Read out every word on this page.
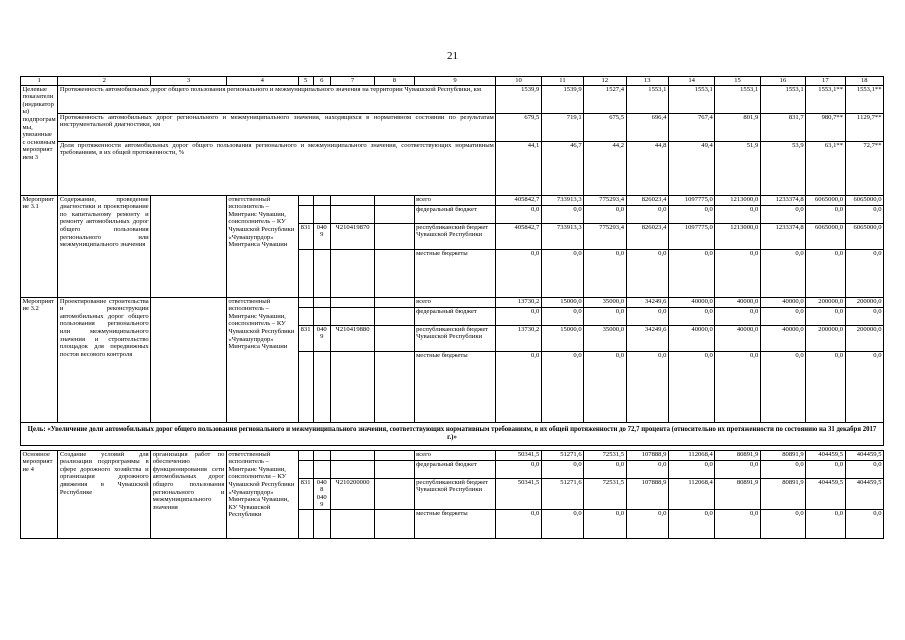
21
1	2	3	4	5	6	7	8	9	10	11	12	13	14	15	16	17	18
Целевые показатели (индикаторы) подпрограммы, увязанные с основным мероприятием 3	Протяженность автомобильных дорог общего пользования регионального и межмуниципального значения на территории Чувашской Республики, км								1539,9	1539,9	1527,4	1553,1	1553,1	1553,1	1553,1	1553,1**	1553,1**
	Протяженность автомобильных дорог регионального и межмуниципального значения, находящихся в нормативном состоянии по результатам инструментальной диагностики, км								679,5	719,1	675,5	696,4	767,4	801,9	831,7	980,7**	1129,7**
	Доля протяженности автомобильных дорог общего пользования регионального и межмуниципального значения, соответствующих нормативным требованиям, в их общей протяженности, %								44,1	46,7	44,2	44,8	49,4	51,9	53,9	63,1**	72,7**
Мероприятие 3.1	Содержание, проведение диагностики и проектирование по капитальному ремонту и ремонту автомобильных дорог общего пользования регионального или межмуниципального значения		ответственный исполнитель – Минтранс Чувашии, соисполнитель – КУ Чувашской Республики «Чувашупрдор» Минтранса Чувашии					всего	405842,7	733913,3	775293,4	826023,4	1097775,0	1213000,0	1233374,8	6065000,0	6065000,0
								федеральный бюджет	0,0	0,0	0,0	0,0	0,0	0,0	0,0	0,0	0,0
				831	0409	Ч210419870		республиканский бюджет Чувашской Республики	405842,7	733913,3	775293,4	826023,4	1097775,0	1213000,0	1233374,8	6065000,0	6065000,0
								местные бюджеты	0,0	0,0	0,0	0,0	0,0	0,0	0,0	0,0	0,0
Мероприятие 3.2	Проектирование строительства и реконструкции автомобильных дорог общего пользования регионального или межмуниципального значения и строительство площадок для передвижных постов весового контроля		ответственный исполнитель – Минтранс Чувашии, соисполнитель – КУ Чувашской Республики «Чувашупрдор» Минтранса Чувашии					всего	13730,2	15000,0	35000,0	34249,6	40000,0	40000,0	40000,0	200000,0	200000,0
								федеральный бюджет	0,0	0,0	0,0	0,0	0,0	0,0	0,0	0,0	0,0
				831	0409	Ч210419880		республиканский бюджет Чувашской Республики	13730,2	15000,0	35000,0	34249,6	40000,0	40000,0	40000,0	200000,0	200000,0
								местные бюджеты	0,0	0,0	0,0	0,0	0,0	0,0	0,0	0,0	0,0
Цель: «Увеличение доли автомобильных дорог общего пользования регионального и межмуниципального значения, соответствующих нормативным требованиям, в их общей протяженности до 72,7 процента (относительно их протяженности по состоянию на 31 декабря 2017 г.)»																	

Основное мероприятие 4	Создание условий для реализации подпрограммы в сфере дорожного хозяйства и организация дорожного движения в Чувашской Республике	организация работ по обеспечению функционирования сети автомобильных дорог общего пользования регионального и межмуниципального значения	ответственный исполнитель – Минтранс Чувашии, соисполнители – КУ Чувашской Республики «Чувашупрдор» Минтранса Чувашии, КУ Чувашской Республики					всего	50341,5	51271,6	72531,5	107888,9	112068,4	80891,9	80891,9	404459,5	404459,5
								федеральный бюджет	0,0	0,0	0,0	0,0	0,0	0,0	0,0	0,0	0,0
				831	0408 0409	Ч210200000		республиканский бюджет Чувашской Республики	50341,5	51271,6	72531,5	107888,9	112068,4	80891,9	80891,9	404459,5	404459,5
								местные бюджеты	0,0	0,0	0,0	0,0	0,0	0,0	0,0	0,0	0,0
